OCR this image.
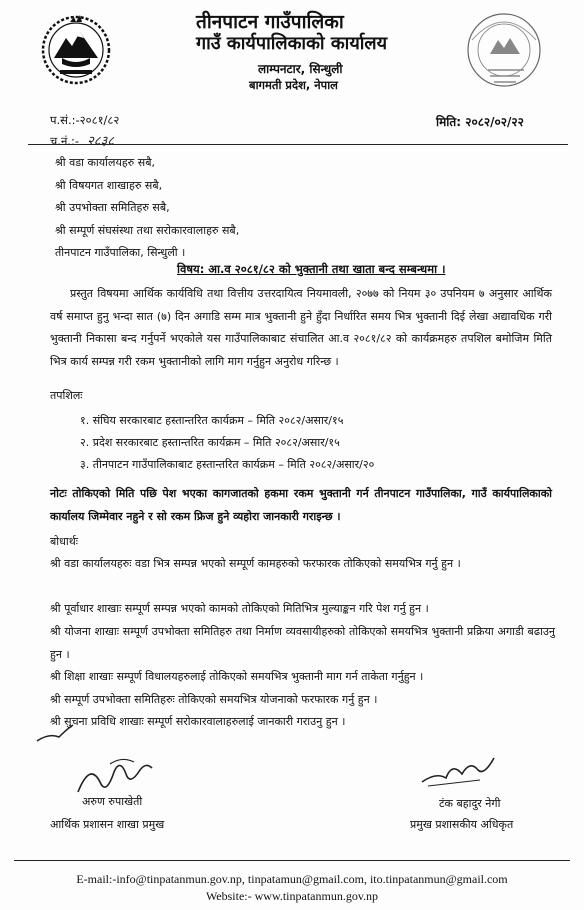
तीनपाटन गाउँपालिका
गाउँ कार्यपालिकाको कार्यालय
लाम्पनटार, सिन्धुली
बागमती प्रदेश, नेपाल
प.सं.:-२०८१/८२
च.नं.:- २८३८
मिति: २०८२/०२/२२
श्री वडा कार्यालयहरु सबै,
श्री विषयगत शाखाहरु सबै,
श्री उपभोक्ता समितिहरु सबै,
श्री सम्पूर्ण संघसंस्था तथा सरोकारवालाहरु सबै,
तीनपाटन गाउँपालिका, सिन्धुली ।
विषय: आ.व २०८१/८२ को भुक्तानी तथा खाता बन्द सम्बन्धमा ।
प्रस्तुत विषयमा आर्थिक कार्यविधि तथा वित्तीय उत्तरदायित्व नियमावली, २०७७ को नियम ३० उपनियम ७ अनुसार आर्थिक वर्ष समाप्त हुनु भन्दा सात (७) दिन अगाडि सम्म मात्र भुक्तानी हुने हुँदा निर्धारित समय भित्र भुक्तानी दिई लेखा अद्यावधिक गरी भुक्तानी निकासा बन्द गर्नुपर्ने भएकोले यस गाउँपालिकाबाट संचालित आ.व २०८१/८२ को कार्यक्रमहरु तपशिल बमोजिम मिति भित्र कार्य सम्पन्न गरी रकम भुक्तानीको लागि माग गर्नुहुन अनुरोध गरिन्छ ।
तपशिलः
१. संघिय सरकारबाट हस्तान्तरित कार्यक्रम – मिति २०८२/असार/१५
२. प्रदेश सरकारबाट हस्तान्तरित कार्यक्रम – मिति २०८२/असार/१५
३. तीनपाटन गाउँपालिकाबाट हस्तान्तरित कार्यक्रम – मिति २०८२/असार/२०
नोटः तोकिएको मिति पछि पेश भएका कागजातको हकमा रकम भुक्तानी गर्न तीनपाटन गाउँपालिका, गाउँ कार्यपालिकाको कार्यालय जिम्मेवार नहुने र सो रकम फ्रिज हुने व्यहोरा जानकारी गराइन्छ ।
बोधार्थः
श्री वडा कार्यालयहरुः वडा भित्र सम्पन्न भएको सम्पूर्ण कामहरुको फरफारक तोकिएको समयभित्र गर्नु हुन ।
श्री पूर्वाधार शाखाः सम्पूर्ण सम्पन्न भएको कामको तोकिएको मितिभित्र मुल्याङ्कन गरि पेश गर्नु हुन ।
श्री योजना शाखाः सम्पूर्ण उपभोक्ता समितिहरु तथा निर्माण व्यवसायीहरुको तोकिएको समयभित्र भुक्तानी प्रक्रिया अगाडी बढाउनु हुन ।
श्री शिक्षा शाखाः सम्पूर्ण विधालयहरुलाई तोकिएको समयभित्र भुक्तानी माग गर्न ताकेता गर्नुहुन ।
श्री सम्पूर्ण उपभोक्ता समितिहरुः तोकिएको समयभित्र योजनाको फरफारक गर्नु हुन ।
श्री सुचना प्रविधि शाखाः सम्पूर्ण सरोकारवालाहरुलाई जानकारी गराउनु हुन ।
अरुण रुपाखेती
आर्थिक प्रशासन शाखा प्रमुख
टंक बहादुर नेगी
प्रमुख प्रशासकीय अधिकृत
E-mail:-info@tinpatanmun.gov.np, tinpatamun@gmail.com, ito.tinpatanmun@gmail.com
Website:- www.tinpatanmun.gov.np
